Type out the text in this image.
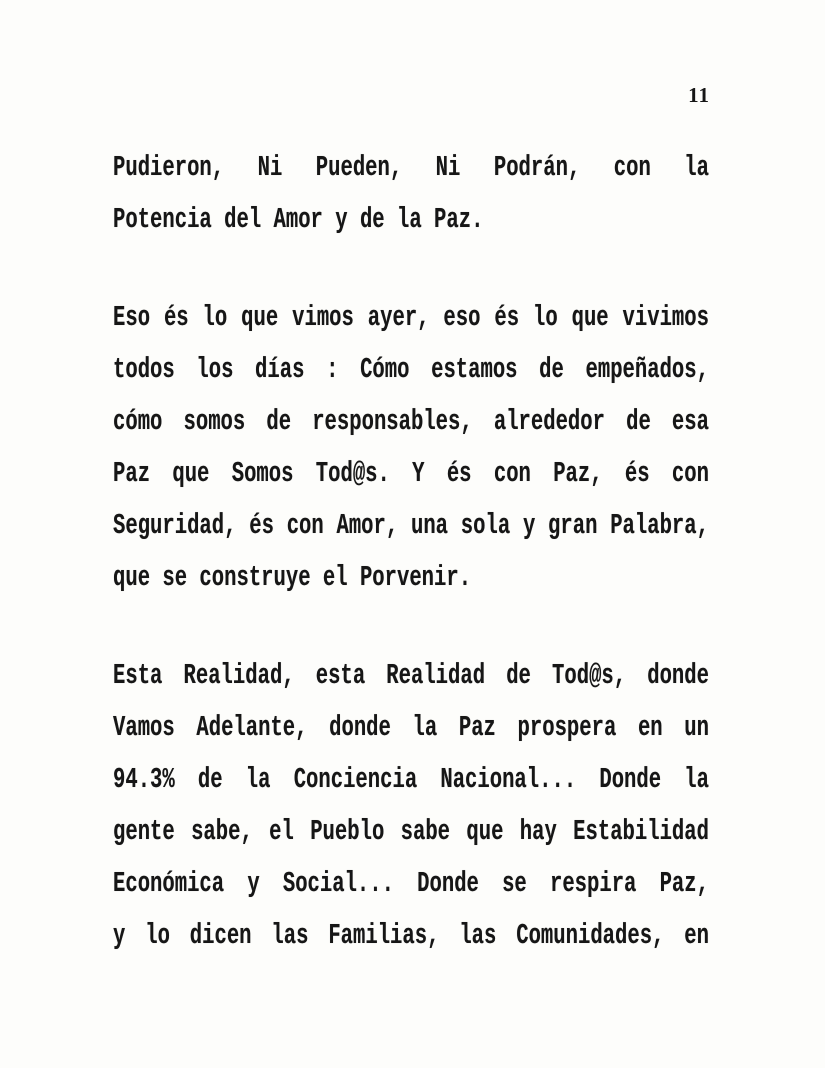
11
Pudieron, Ni Pueden, Ni Podrán, con la
Potencia del Amor y de la Paz.
Eso és lo que vimos ayer, eso és lo que vivimos
todos los días : Cómo estamos de empeñados,
cómo somos de responsables, alrededor de esa
Paz que Somos Tod@s. Y és con Paz, és con
Seguridad, és con Amor, una sola y gran Palabra,
que se construye el Porvenir.
Esta Realidad, esta Realidad de Tod@s, donde
Vamos Adelante, donde la Paz prospera en un
94.3% de la Conciencia Nacional... Donde la
gente sabe, el Pueblo sabe que hay Estabilidad
Económica y Social... Donde se respira Paz,
y lo dicen las Familias, las Comunidades, en
